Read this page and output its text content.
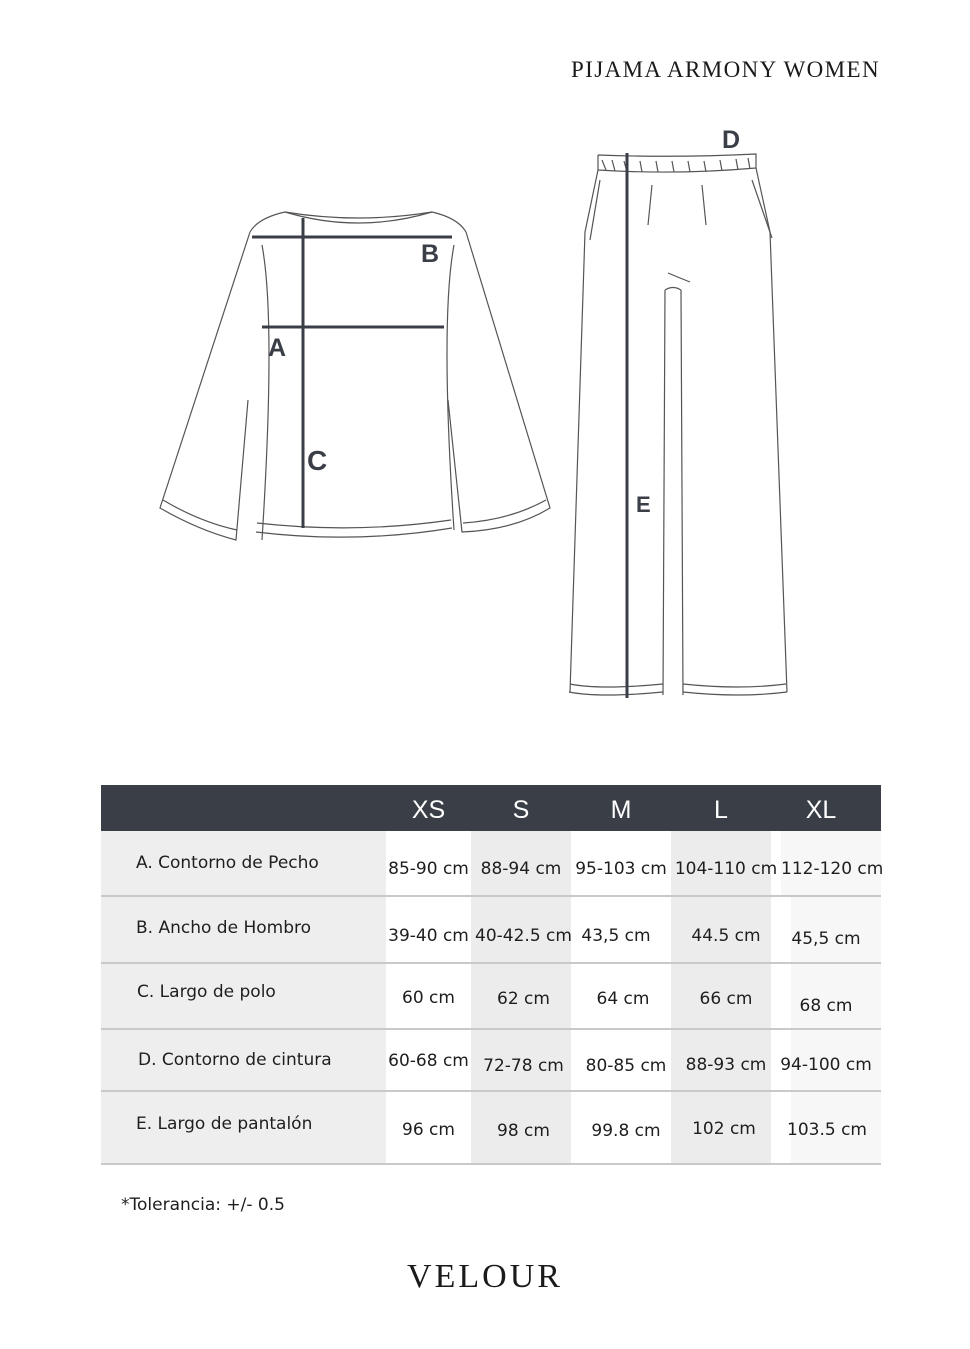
PIJAMA ARMONY WOMEN
B
A
C
D
E
XS	S	M	L	XL
A. Contorno de Pecho	85-90 cm 88-94 cm 95-103 cm 104-110 cm 112-120 cm
B. Ancho de Hombro	39-40 cm 40-42.5 cm 43,5 cm	44.5 cm	45,5 cm
C. Largo de polo	60 cm	62 cm	64 cm	66 cm	68 cm
D. Contorno de cintura	60-68 cm 72-78 cm	80-85 cm	88-93 cm 94-100 cm
E. Largo de pantalón	96 cm	98 cm	99.8 cm	102 cm	103.5 cm
*Tolerancia: +/- 0.5
VELOUR
